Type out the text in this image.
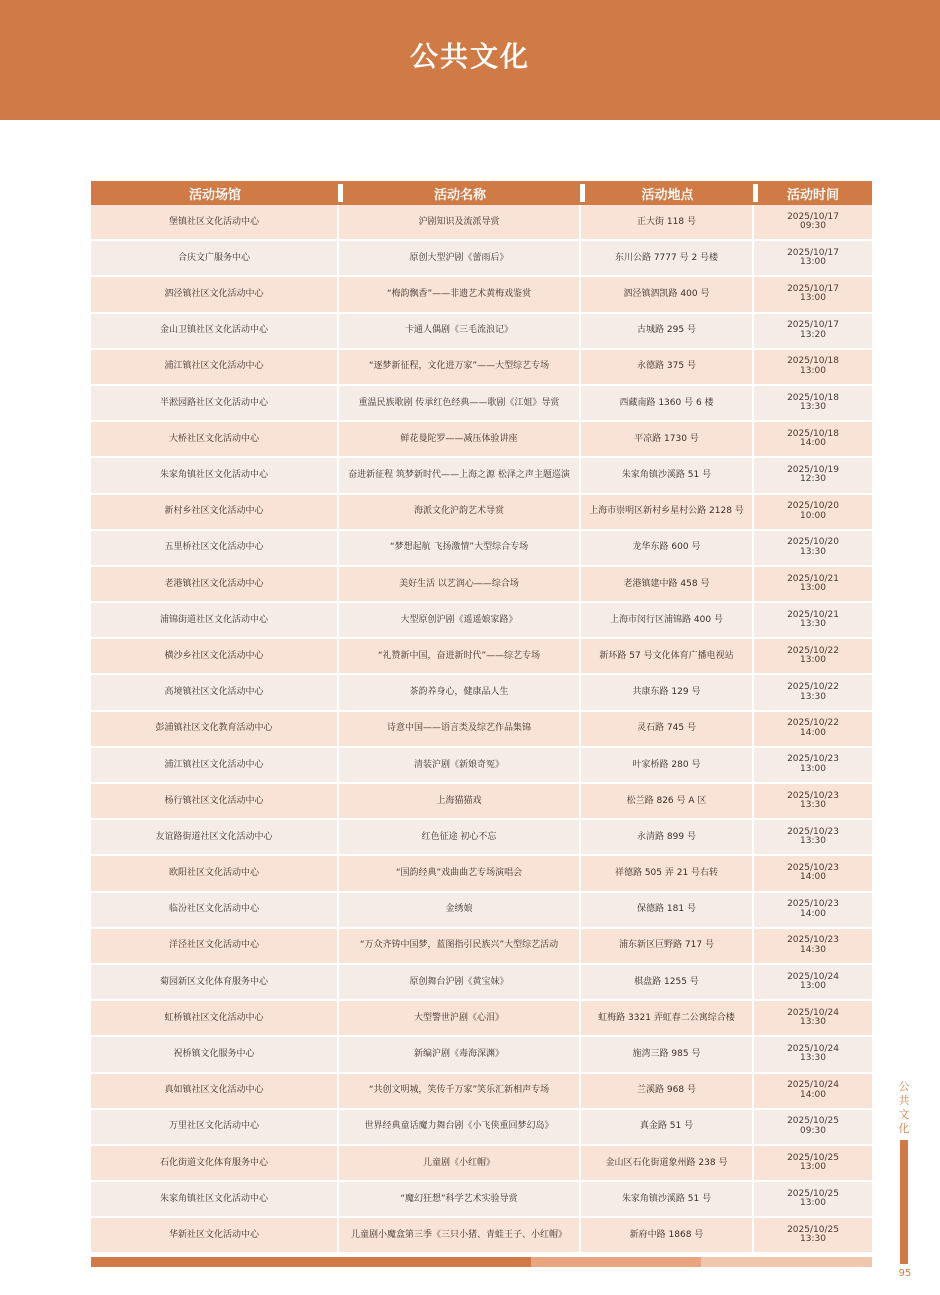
公共文化
活动场馆	活动名称	活动地点	活动时间
堡镇社区文化活动中心	沪剧知识及流派导赏	正大街 118 号	2025/10/17
09:30

合庆文广服务中心	原创大型沪剧《蕾雨后》	东川公路 7777 号 2 号楼	2025/10/17
13:00

泗泾镇社区文化活动中心	“梅韵飘香”——非遗艺术黄梅戏鉴赏	泗泾镇泗凯路 400 号	2025/10/17
13:00

金山卫镇社区文化活动中心	卡通人偶剧《三毛流浪记》	古城路 295 号	2025/10/17
13:20

浦江镇社区文化活动中心	“逐梦新征程，文化进万家”——大型综艺专场	永德路 375 号	2025/10/18
13:00

半淞园路社区文化活动中心	重温民族歌剧 传承红色经典——歌剧《江姐》导赏	西藏南路 1360 号 6 楼	2025/10/18
13:30

大桥社区文化活动中心	鲜花曼陀罗——减压体验讲座	平凉路 1730 号	2025/10/18
14:00

朱家角镇社区文化活动中心	奋进新征程 筑梦新时代——上海之源 松泽之声主题巡演	朱家角镇沙溪路 51 号	2025/10/19
12:30

新村乡社区文化活动中心	海派文化沪韵艺术导赏	上海市崇明区新村乡星村公路 2128 号	2025/10/20
10:00

五里桥社区文化活动中心	“梦想起航 飞扬激情”大型综合专场	龙华东路 600 号	2025/10/20
13:30

老港镇社区文化活动中心	美好生活 以艺润心——综合场	老港镇建中路 458 号	2025/10/21
13:00

浦锦街道社区文化活动中心	大型原创沪剧《遥遥娘家路》	上海市闵行区浦锦路 400 号	2025/10/21
13:30

横沙乡社区文化活动中心	“礼赞新中国，奋进新时代”——综艺专场	新环路 57 号文化体育广播电视站	2025/10/22
13:00

高境镇社区文化活动中心	茶韵养身心，健康品人生	共康东路 129 号	2025/10/22
13:30

彭浦镇社区文化教育活动中心	诗意中国——语言类及综艺作品集锦	灵石路 745 号	2025/10/22
14:00

浦江镇社区文化活动中心	清装沪剧《新娘奇冤》	叶家桥路 280 号	2025/10/23
13:00

杨行镇社区文化活动中心	上海猫猫戏	松兰路 826 号 A 区	2025/10/23
13:30

友谊路街道社区文化活动中心	红色征途 初心不忘	永清路 899 号	2025/10/23
13:30

欧阳社区文化活动中心	“国韵经典”戏曲曲艺专场演唱会	祥德路 505 弄 21 号右转	2025/10/23
14:00

临汾社区文化活动中心	金绣娘	保德路 181 号	2025/10/23
14:00

洋泾社区文化活动中心	“万众齐铸中国梦，蓝图指引民族兴”大型综艺活动	浦东新区巨野路 717 号	2025/10/23
14:30

菊园新区文化体育服务中心	原创舞台沪剧《黄宝妹》	棋盘路 1255 号	2025/10/24
13:00

虹桥镇社区文化活动中心	大型警世沪剧《心泪》	虹梅路 3321 弄虹春二公寓综合楼	2025/10/24
13:30

祝桥镇文化服务中心	新编沪剧《毒海深渊》	施湾三路 985 号	2025/10/24
13:30

真如镇社区文化活动中心	“共创文明城，笑传千万家”笑乐汇新相声专场	兰溪路 968 号	2025/10/24
14:00

万里社区文化活动中心	世界经典童话魔力舞台剧《小飞侠重回梦幻岛》	真金路 51 号	2025/10/25
09:30

石化街道文化体育服务中心	儿童剧《小红帽》	金山区石化街道象州路 238 号	2025/10/25
13:00

朱家角镇社区文化活动中心	“魔幻狂想”科学艺术实验导赏	朱家角镇沙溪路 51 号	2025/10/25
13:00

华新社区文化活动中心	儿童剧小魔盒第三季《三只小猪、青蛙王子、小红帽》	新府中路 1868 号	2025/10/25
13:30
公共文化
95
